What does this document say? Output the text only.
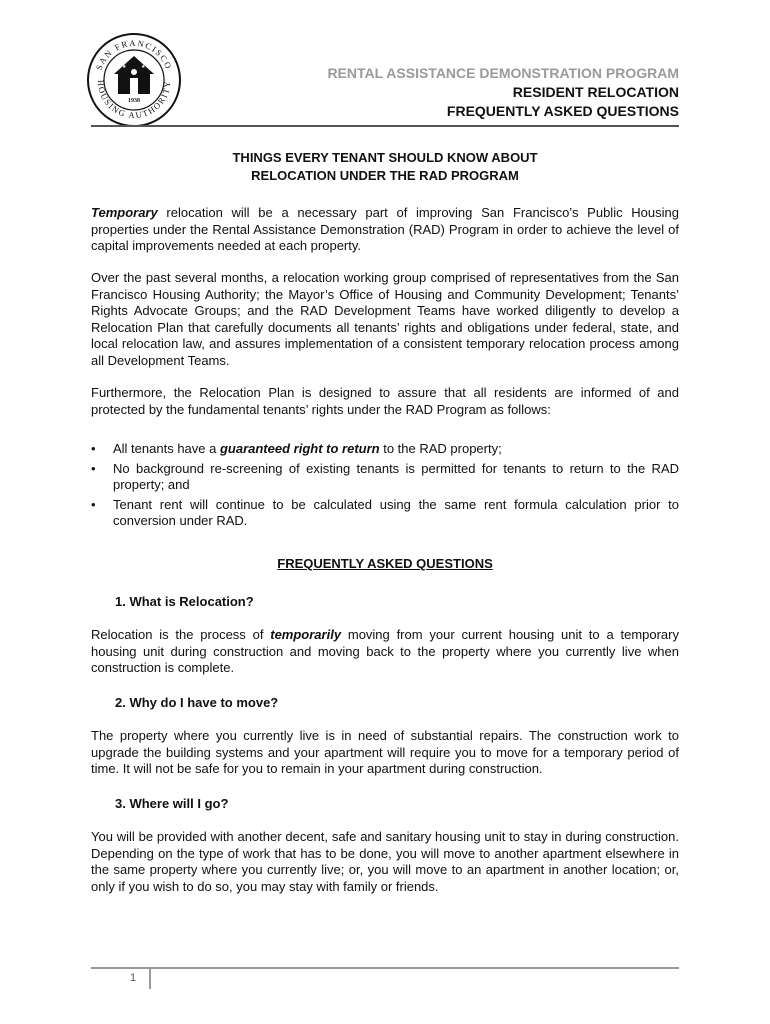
SAN FRANCISCO
HOUSING AUTHORITY
★	★
1938
RENTAL ASSISTANCE DEMONSTRATION PROGRAM
RESIDENT RELOCATION
FREQUENTLY ASKED QUESTIONS
THINGS EVERY TENANT SHOULD KNOW ABOUT
RELOCATION UNDER THE RAD PROGRAM

Temporary relocation will be a necessary part of improving San Francisco’s Public Housing properties under the Rental Assistance Demonstration (RAD) Program in order to achieve the level of capital improvements needed at each property.

Over the past several months, a relocation working group comprised of representatives from the San Francisco Housing Authority; the Mayor’s Office of Housing and Community Development; Tenants’ Rights Advocate Groups; and the RAD Development Teams have worked diligently to develop a Relocation Plan that carefully documents all tenants’ rights and obligations under federal, state, and local relocation law, and assures implementation of a consistent temporary relocation process among all Development Teams.

Furthermore, the Relocation Plan is designed to assure that all residents are informed of and protected by the fundamental tenants’ rights under the RAD Program as follows:

• All tenants have a guaranteed right to return to the RAD property;
• No background re-screening of existing tenants is permitted for tenants to return to the RAD property; and
• Tenant rent will continue to be calculated using the same rent formula calculation prior to conversion under RAD.
FREQUENTLY ASKED QUESTIONS
1. What is Relocation?

Relocation is the process of temporarily moving from your current housing unit to a temporary housing unit during construction and moving back to the property where you currently live when construction is complete.

2. Why do I have to move?

The property where you currently live is in need of substantial repairs. The construction work to upgrade the building systems and your apartment will require you to move for a temporary period of time. It will not be safe for you to remain in your apartment during construction.

3. Where will I go?

You will be provided with another decent, safe and sanitary housing unit to stay in during construction. Depending on the type of work that has to be done, you will move to another apartment elsewhere in the same property where you currently live; or, you will move to an apartment in another location; or, only if you wish to do so, you may stay with family or friends.

1
